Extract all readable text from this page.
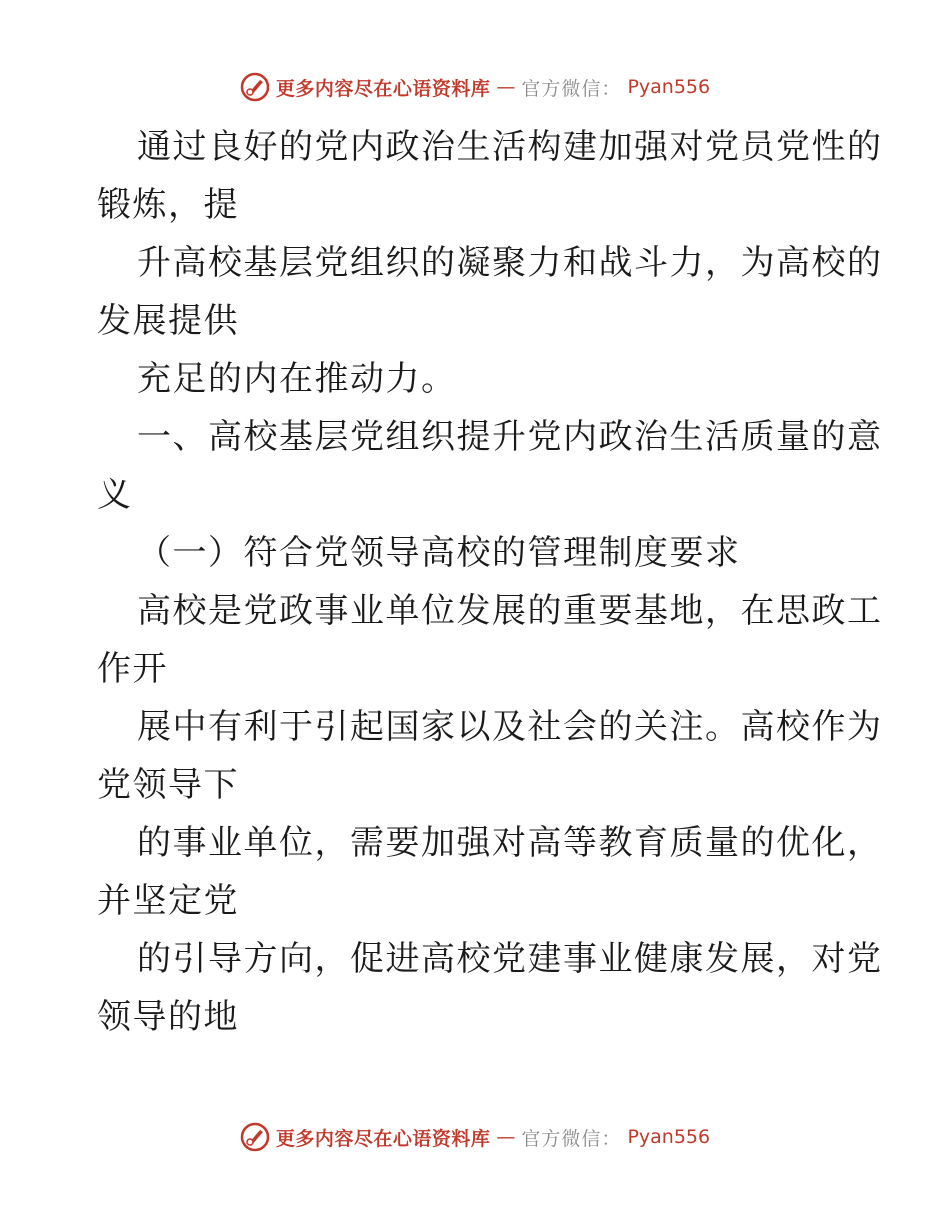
更多内容尽在心语资料库 — 官方微信： Pyan556
通过良好的党内政治生活构建加强对党员党性的
锻炼，提
升高校基层党组织的凝聚力和战斗力，为高校的
发展提供
充足的内在推动力。
一、高校基层党组织提升党内政治生活质量的意
义
（一）符合党领导高校的管理制度要求
高校是党政事业单位发展的重要基地，在思政工
作开
展中有利于引起国家以及社会的关注。高校作为
党领导下
的事业单位，需要加强对高等教育质量的优化，
并坚定党
的引导方向，促进高校党建事业健康发展，对党
领导的地
更多内容尽在心语资料库 — 官方微信： Pyan556
